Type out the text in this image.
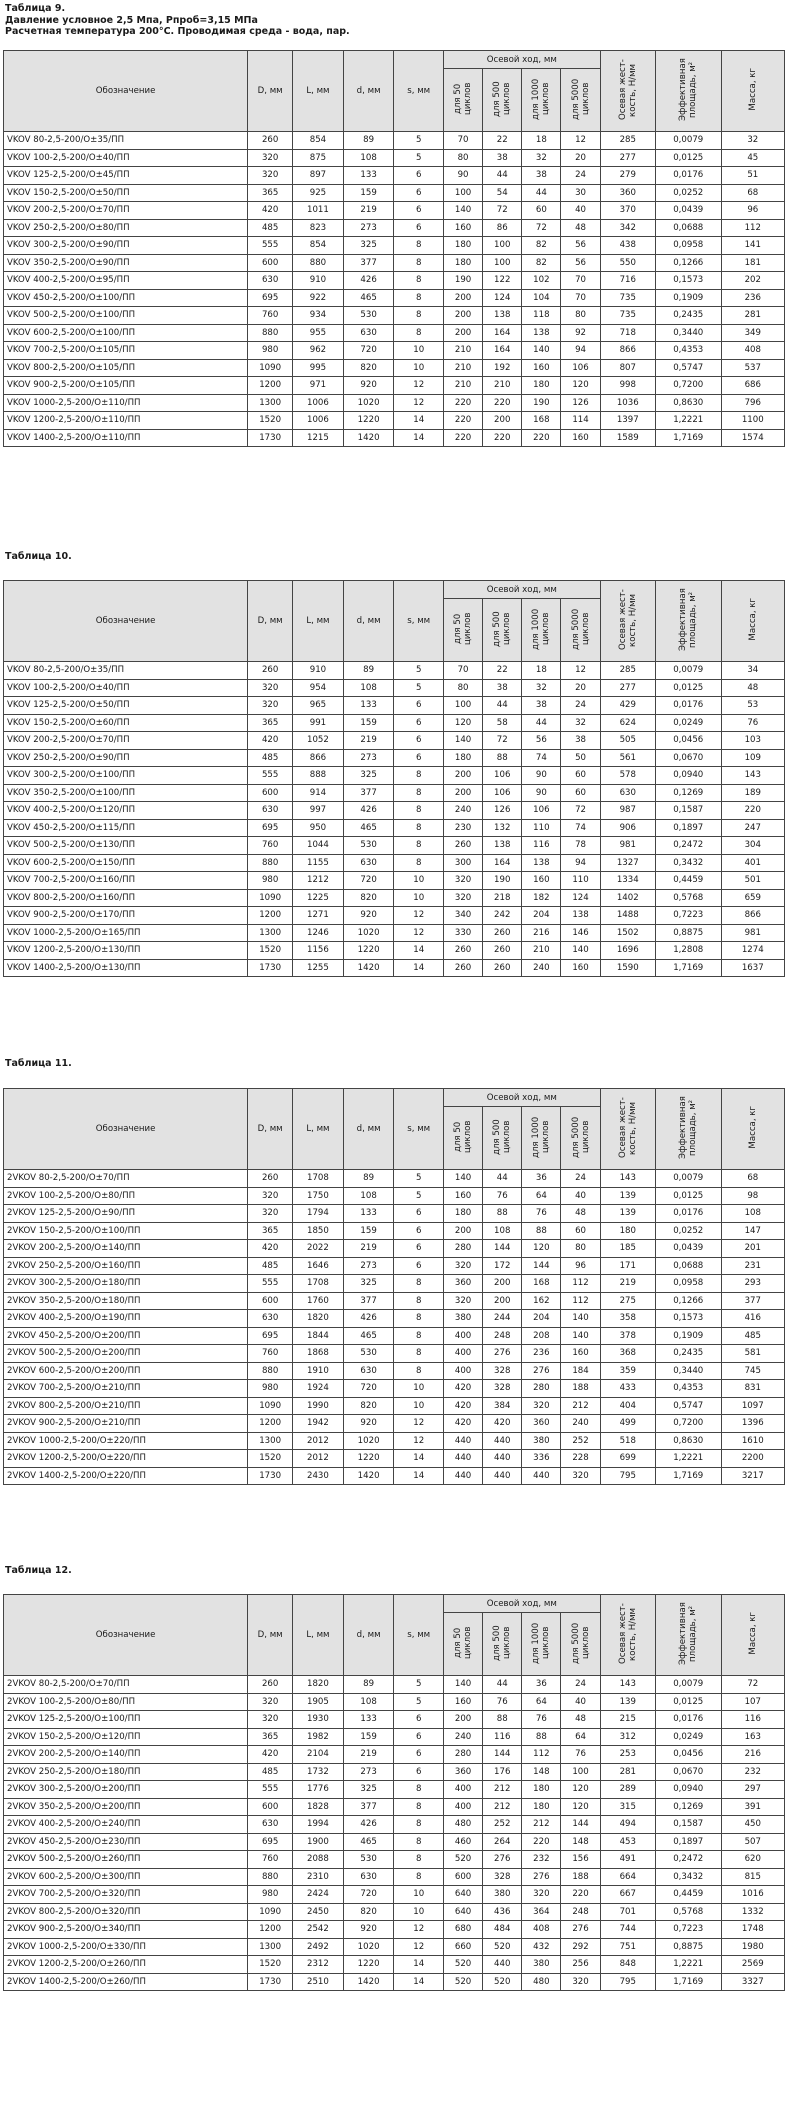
Таблица 9.
Давление условное 2,5 Мпа, Pпроб=3,15 МПа
Расчетная температура 200°С. Проводимая среда - вода, пар.
Таблица 10.
Таблица 11.
Таблица 12.
Обозначение	D, мм	L, мм	d, мм	s, мм	Осевой ход, мм				Осевая жест-кость, Н/мм	Эффективная площадь, м²	Масса, кг
					для 50 циклов	для 500 циклов	для 1000 циклов	для 5000 циклов			
VKOV 80-2,5-200/О±35/ПП	260	854	89	5	70	22	18	12	285	0,0079	32
VKOV 100-2,5-200/О±40/ПП	320	875	108	5	80	38	32	20	277	0,0125	45
VKOV 125-2,5-200/О±45/ПП	320	897	133	6	90	44	38	24	279	0,0176	51
VKOV 150-2,5-200/О±50/ПП	365	925	159	6	100	54	44	30	360	0,0252	68
VKOV 200-2,5-200/О±70/ПП	420	1011	219	6	140	72	60	40	370	0,0439	96
VKOV 250-2,5-200/О±80/ПП	485	823	273	6	160	86	72	48	342	0,0688	112
VKOV 300-2,5-200/О±90/ПП	555	854	325	8	180	100	82	56	438	0,0958	141
VKOV 350-2,5-200/О±90/ПП	600	880	377	8	180	100	82	56	550	0,1266	181
VKOV 400-2,5-200/О±95/ПП	630	910	426	8	190	122	102	70	716	0,1573	202
VKOV 450-2,5-200/О±100/ПП	695	922	465	8	200	124	104	70	735	0,1909	236
VKOV 500-2,5-200/О±100/ПП	760	934	530	8	200	138	118	80	735	0,2435	281
VKOV 600-2,5-200/О±100/ПП	880	955	630	8	200	164	138	92	718	0,3440	349
VKOV 700-2,5-200/О±105/ПП	980	962	720	10	210	164	140	94	866	0,4353	408
VKOV 800-2,5-200/О±105/ПП	1090	995	820	10	210	192	160	106	807	0,5747	537
VKOV 900-2,5-200/О±105/ПП	1200	971	920	12	210	210	180	120	998	0,7200	686
VKOV 1000-2,5-200/О±110/ПП	1300	1006	1020	12	220	220	190	126	1036	0,8630	796
VKOV 1200-2,5-200/О±110/ПП	1520	1006	1220	14	220	200	168	114	1397	1,2221	1100
VKOV 1400-2,5-200/О±110/ПП	1730	1215	1420	14	220	220	220	160	1589	1,7169	1574
Обозначение	D, мм	L, мм	d, мм	s, мм	Осевой ход, мм				Осевая жест-кость, Н/мм	Эффективная площадь, м²	Масса, кг
					для 50 циклов	для 500 циклов	для 1000 циклов	для 5000 циклов			
VKOV 80-2,5-200/О±35/ПП	260	910	89	5	70	22	18	12	285	0,0079	34
VKOV 100-2,5-200/О±40/ПП	320	954	108	5	80	38	32	20	277	0,0125	48
VKOV 125-2,5-200/О±50/ПП	320	965	133	6	100	44	38	24	429	0,0176	53
VKOV 150-2,5-200/О±60/ПП	365	991	159	6	120	58	44	32	624	0,0249	76
VKOV 200-2,5-200/О±70/ПП	420	1052	219	6	140	72	56	38	505	0,0456	103
VKOV 250-2,5-200/О±90/ПП	485	866	273	6	180	88	74	50	561	0,0670	109
VKOV 300-2,5-200/О±100/ПП	555	888	325	8	200	106	90	60	578	0,0940	143
VKOV 350-2,5-200/О±100/ПП	600	914	377	8	200	106	90	60	630	0,1269	189
VKOV 400-2,5-200/О±120/ПП	630	997	426	8	240	126	106	72	987	0,1587	220
VKOV 450-2,5-200/О±115/ПП	695	950	465	8	230	132	110	74	906	0,1897	247
VKOV 500-2,5-200/О±130/ПП	760	1044	530	8	260	138	116	78	981	0,2472	304
VKOV 600-2,5-200/О±150/ПП	880	1155	630	8	300	164	138	94	1327	0,3432	401
VKOV 700-2,5-200/О±160/ПП	980	1212	720	10	320	190	160	110	1334	0,4459	501
VKOV 800-2,5-200/О±160/ПП	1090	1225	820	10	320	218	182	124	1402	0,5768	659
VKOV 900-2,5-200/О±170/ПП	1200	1271	920	12	340	242	204	138	1488	0,7223	866
VKOV 1000-2,5-200/О±165/ПП	1300	1246	1020	12	330	260	216	146	1502	0,8875	981
VKOV 1200-2,5-200/О±130/ПП	1520	1156	1220	14	260	260	210	140	1696	1,2808	1274
VKOV 1400-2,5-200/О±130/ПП	1730	1255	1420	14	260	260	240	160	1590	1,7169	1637
Обозначение	D, мм	L, мм	d, мм	s, мм	Осевой ход, мм				Осевая жест-кость, Н/мм	Эффективная площадь, м²	Масса, кг
					для 50 циклов	для 500 циклов	для 1000 циклов	для 5000 циклов			
2VKOV 80-2,5-200/О±70/ПП	260	1708	89	5	140	44	36	24	143	0,0079	68
2VKOV 100-2,5-200/О±80/ПП	320	1750	108	5	160	76	64	40	139	0,0125	98
2VKOV 125-2,5-200/О±90/ПП	320	1794	133	6	180	88	76	48	139	0,0176	108
2VKOV 150-2,5-200/О±100/ПП	365	1850	159	6	200	108	88	60	180	0,0252	147
2VKOV 200-2,5-200/О±140/ПП	420	2022	219	6	280	144	120	80	185	0,0439	201
2VKOV 250-2,5-200/О±160/ПП	485	1646	273	6	320	172	144	96	171	0,0688	231
2VKOV 300-2,5-200/О±180/ПП	555	1708	325	8	360	200	168	112	219	0,0958	293
2VKOV 350-2,5-200/О±180/ПП	600	1760	377	8	320	200	162	112	275	0,1266	377
2VKOV 400-2,5-200/О±190/ПП	630	1820	426	8	380	244	204	140	358	0,1573	416
2VKOV 450-2,5-200/О±200/ПП	695	1844	465	8	400	248	208	140	378	0,1909	485
2VKOV 500-2,5-200/О±200/ПП	760	1868	530	8	400	276	236	160	368	0,2435	581
2VKOV 600-2,5-200/О±200/ПП	880	1910	630	8	400	328	276	184	359	0,3440	745
2VKOV 700-2,5-200/О±210/ПП	980	1924	720	10	420	328	280	188	433	0,4353	831
2VKOV 800-2,5-200/О±210/ПП	1090	1990	820	10	420	384	320	212	404	0,5747	1097
2VKOV 900-2,5-200/О±210/ПП	1200	1942	920	12	420	420	360	240	499	0,7200	1396
2VKOV 1000-2,5-200/О±220/ПП	1300	2012	1020	12	440	440	380	252	518	0,8630	1610
2VKOV 1200-2,5-200/О±220/ПП	1520	2012	1220	14	440	440	336	228	699	1,2221	2200
2VKOV 1400-2,5-200/О±220/ПП	1730	2430	1420	14	440	440	440	320	795	1,7169	3217
Обозначение	D, мм	L, мм	d, мм	s, мм	Осевой ход, мм				Осевая жест-кость, Н/мм	Эффективная площадь, м²	Масса, кг
					для 50 циклов	для 500 циклов	для 1000 циклов	для 5000 циклов			
2VKOV 80-2,5-200/О±70/ПП	260	1820	89	5	140	44	36	24	143	0,0079	72
2VKOV 100-2,5-200/О±80/ПП	320	1905	108	5	160	76	64	40	139	0,0125	107
2VKOV 125-2,5-200/О±100/ПП	320	1930	133	6	200	88	76	48	215	0,0176	116
2VKOV 150-2,5-200/О±120/ПП	365	1982	159	6	240	116	88	64	312	0,0249	163
2VKOV 200-2,5-200/О±140/ПП	420	2104	219	6	280	144	112	76	253	0,0456	216
2VKOV 250-2,5-200/О±180/ПП	485	1732	273	6	360	176	148	100	281	0,0670	232
2VKOV 300-2,5-200/О±200/ПП	555	1776	325	8	400	212	180	120	289	0,0940	297
2VKOV 350-2,5-200/О±200/ПП	600	1828	377	8	400	212	180	120	315	0,1269	391
2VKOV 400-2,5-200/О±240/ПП	630	1994	426	8	480	252	212	144	494	0,1587	450
2VKOV 450-2,5-200/О±230/ПП	695	1900	465	8	460	264	220	148	453	0,1897	507
2VKOV 500-2,5-200/О±260/ПП	760	2088	530	8	520	276	232	156	491	0,2472	620
2VKOV 600-2,5-200/О±300/ПП	880	2310	630	8	600	328	276	188	664	0,3432	815
2VKOV 700-2,5-200/О±320/ПП	980	2424	720	10	640	380	320	220	667	0,4459	1016
2VKOV 800-2,5-200/О±320/ПП	1090	2450	820	10	640	436	364	248	701	0,5768	1332
2VKOV 900-2,5-200/О±340/ПП	1200	2542	920	12	680	484	408	276	744	0,7223	1748
2VKOV 1000-2,5-200/О±330/ПП	1300	2492	1020	12	660	520	432	292	751	0,8875	1980
2VKOV 1200-2,5-200/О±260/ПП	1520	2312	1220	14	520	440	380	256	848	1,2221	2569
2VKOV 1400-2,5-200/О±260/ПП	1730	2510	1420	14	520	520	480	320	795	1,7169	3327
